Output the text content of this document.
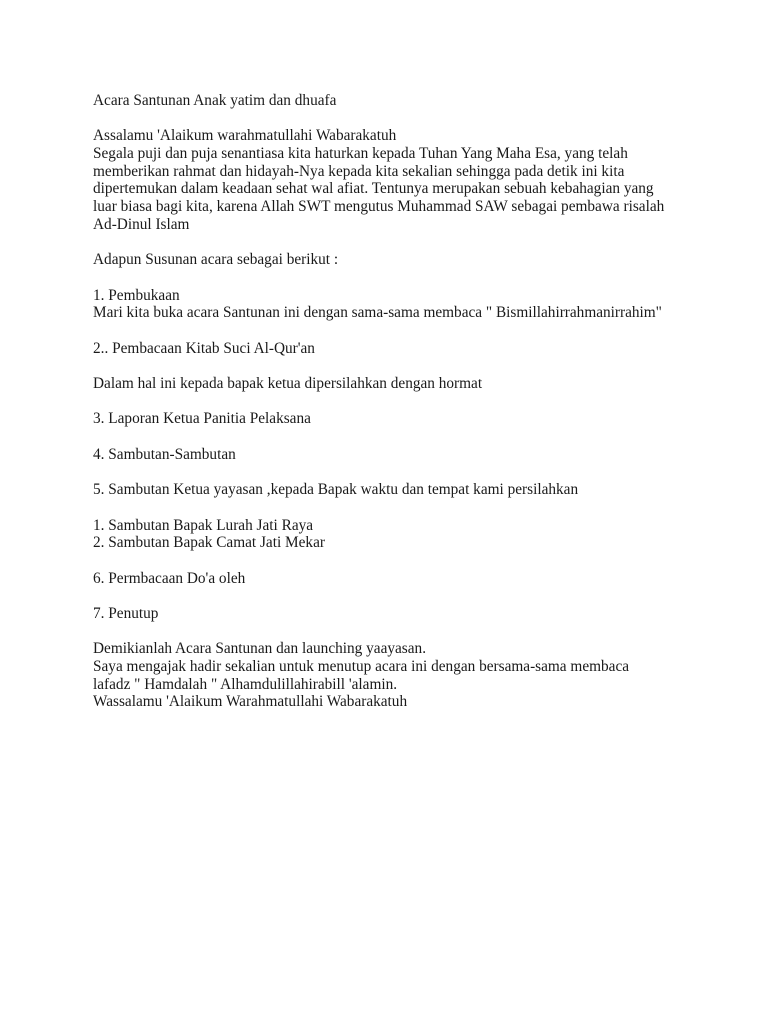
Acara Santunan Anak yatim dan dhuafa
Assalamu 'Alaikum warahmatullahi Wabarakatuh
Segala puji dan puja senantiasa kita haturkan kepada Tuhan Yang Maha Esa, yang telah
memberikan rahmat dan hidayah-Nya kepada kita sekalian sehingga pada detik ini kita
dipertemukan dalam keadaan sehat wal afiat. Tentunya merupakan sebuah kebahagian yang
luar biasa bagi kita, karena Allah SWT mengutus Muhammad SAW sebagai pembawa risalah
Ad-Dinul Islam
Adapun Susunan acara sebagai berikut :
1. Pembukaan
Mari kita buka acara Santunan ini dengan sama-sama membaca " Bismillahirrahmanirrahim"
2.. Pembacaan Kitab Suci Al-Qur'an
Dalam hal ini kepada bapak ketua dipersilahkan dengan hormat
3. Laporan Ketua Panitia Pelaksana
4. Sambutan-Sambutan
5. Sambutan Ketua yayasan ,kepada Bapak waktu dan tempat kami persilahkan
1. Sambutan Bapak Lurah Jati Raya
2. Sambutan Bapak Camat Jati Mekar
6. Permbacaan Do'a oleh
7. Penutup
Demikianlah Acara Santunan dan launching yaayasan.
Saya mengajak hadir sekalian untuk menutup acara ini dengan bersama-sama membaca
lafadz " Hamdalah " Alhamdulillahirabill 'alamin.
Wassalamu 'Alaikum Warahmatullahi Wabarakatuh
